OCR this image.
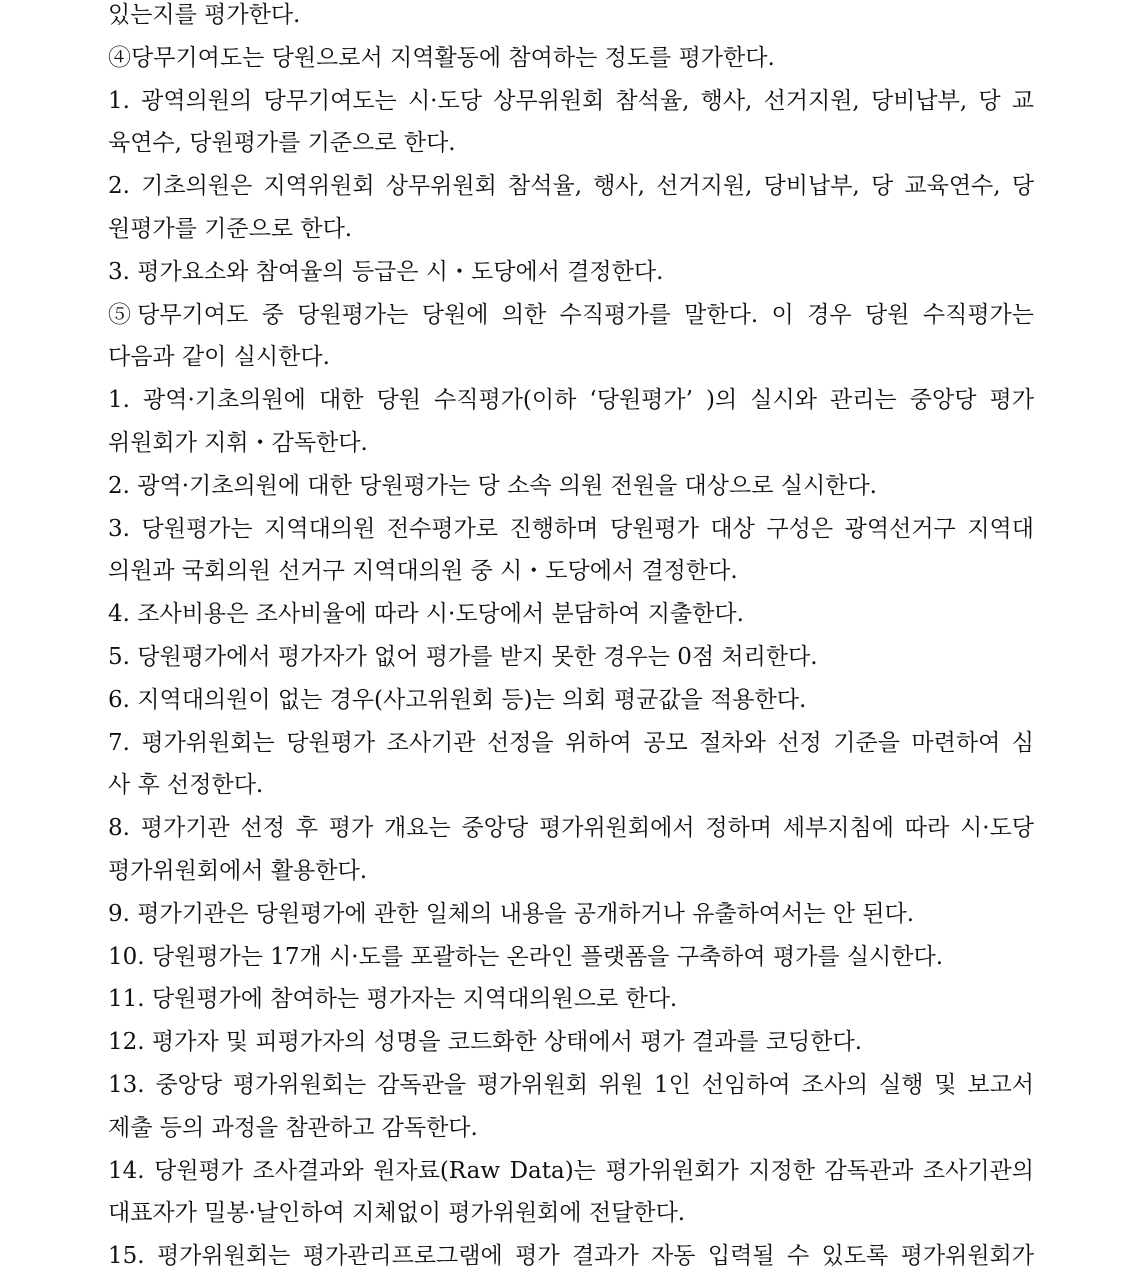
있는지를 평가한다.
④당무기여도는 당원으로서 지역활동에 참여하는 정도를 평가한다.
1. 광역의원의 당무기여도는 시·도당 상무위원회 참석율, 행사, 선거지원, 당비납부, 당 교
육연수, 당원평가를 기준으로 한다.
2. 기초의원은 지역위원회 상무위원회 참석율, 행사, 선거지원, 당비납부, 당 교육연수, 당
원평가를 기준으로 한다.
3. 평가요소와 참여율의 등급은 시・도당에서 결정한다.
⑤당무기여도 중 당원평가는 당원에 의한 수직평가를 말한다. 이 경우 당원 수직평가는
다음과 같이 실시한다.
1. 광역·기초의원에 대한 당원 수직평가(이하 ‘당원평가’ )의 실시와 관리는 중앙당 평가
위원회가 지휘・감독한다.
2. 광역·기초의원에 대한 당원평가는 당 소속 의원 전원을 대상으로 실시한다.
3. 당원평가는 지역대의원 전수평가로 진행하며 당원평가 대상 구성은 광역선거구 지역대
의원과 국회의원 선거구 지역대의원 중 시・도당에서 결정한다.
4. 조사비용은 조사비율에 따라 시·도당에서 분담하여 지출한다.
5. 당원평가에서 평가자가 없어 평가를 받지 못한 경우는 0점 처리한다.
6. 지역대의원이 없는 경우(사고위원회 등)는 의회 평균값을 적용한다.
7. 평가위원회는 당원평가 조사기관 선정을 위하여 공모 절차와 선정 기준을 마련하여 심
사 후 선정한다.
8. 평가기관 선정 후 평가 개요는 중앙당 평가위원회에서 정하며 세부지침에 따라 시·도당
평가위원회에서 활용한다.
9. 평가기관은 당원평가에 관한 일체의 내용을 공개하거나 유출하여서는 안 된다.
10. 당원평가는 17개 시·도를 포괄하는 온라인 플랫폼을 구축하여 평가를 실시한다.
11. 당원평가에 참여하는 평가자는 지역대의원으로 한다.
12. 평가자 및 피평가자의 성명을 코드화한 상태에서 평가 결과를 코딩한다.
13. 중앙당 평가위원회는 감독관을 평가위원회 위원 1인 선임하여 조사의 실행 및 보고서
제출 등의 과정을 참관하고 감독한다.
14. 당원평가 조사결과와 원자료(Raw Data)는 평가위원회가 지정한 감독관과 조사기관의
대표자가 밀봉·날인하여 지체없이 평가위원회에 전달한다.
15. 평가위원회는 평가관리프로그램에 평가 결과가 자동 입력될 수 있도록 평가위원회가
